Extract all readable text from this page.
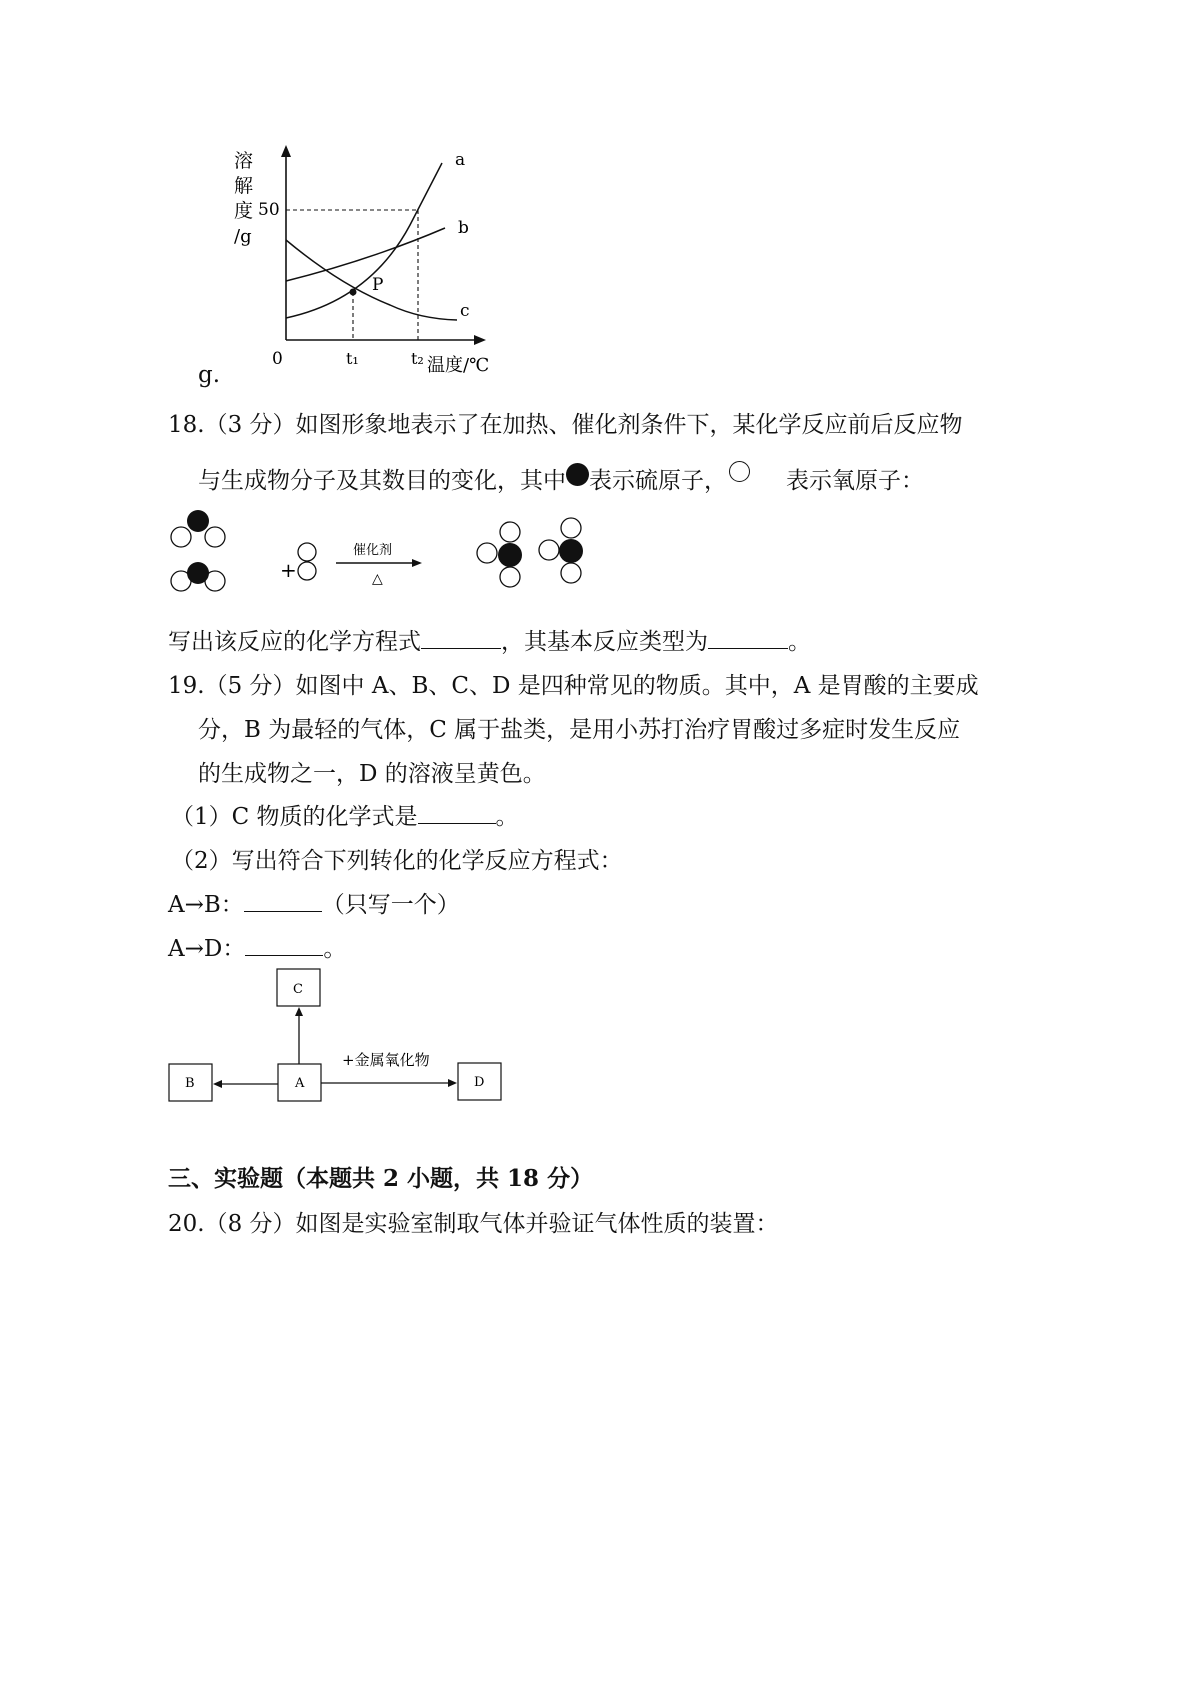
溶
解
度
/g
50
P
a
b
c
0	t₁	t₂ 温度/℃
g.
18.（3 分）如图形象地表示了在加热、催化剂条件下，某化学反应前后反应物
与生成物分子及其数目的变化，其中 表示硫原子，	表示氧原子：
+
催化剂
△
写出该反应的化学方程式	，其基本反应类型为	。
19.（5 分）如图中 A、B、C、D 是四种常见的物质。其中，A 是胃酸的主要成
分，B 为最轻的气体，C 属于盐类，是用小苏打治疗胃酸过多症时发生反应
的生成物之一，D 的溶液呈黄色。
（1）C 物质的化学式是	。
（2）写出符合下列转化的化学反应方程式：
A→B：	（只写一个）
A→D：	。
C
A
B	D
+金属氧化物
三、实验题（本题共 2 小题，共 18 分）
20.（8 分）如图是实验室制取气体并验证气体性质的装置：
